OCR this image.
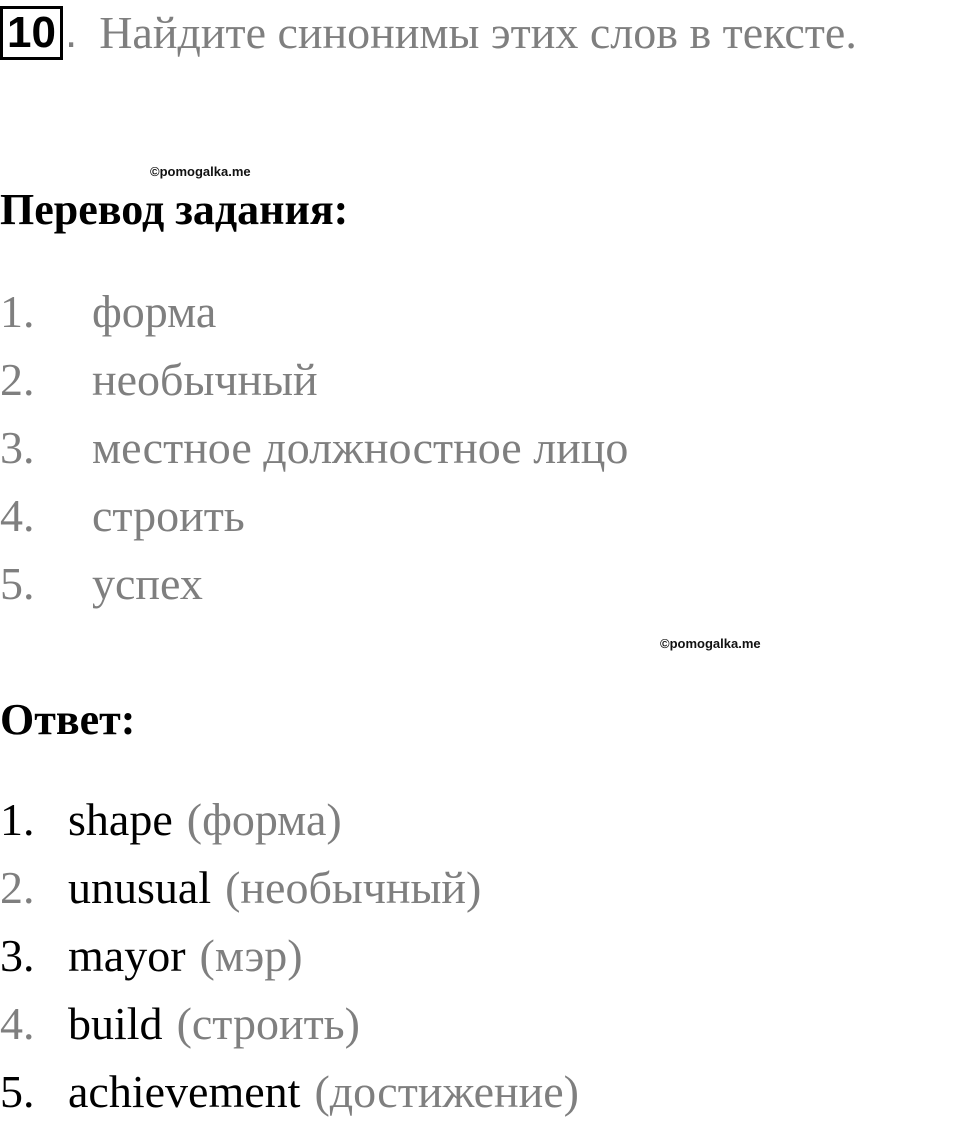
10 . Найдите синонимы этих слов в тексте.
©pomogalka.me
Перевод задания:
1.	форма
2.	необычный
3.	местное должностное лицо
4.	строить
5.	успех
©pomogalka.me
Ответ:
1. shape (форма)
2. unusual (необычный)
3. mayor (мэр)
4. build (строить)
5. achievement (достижение)
